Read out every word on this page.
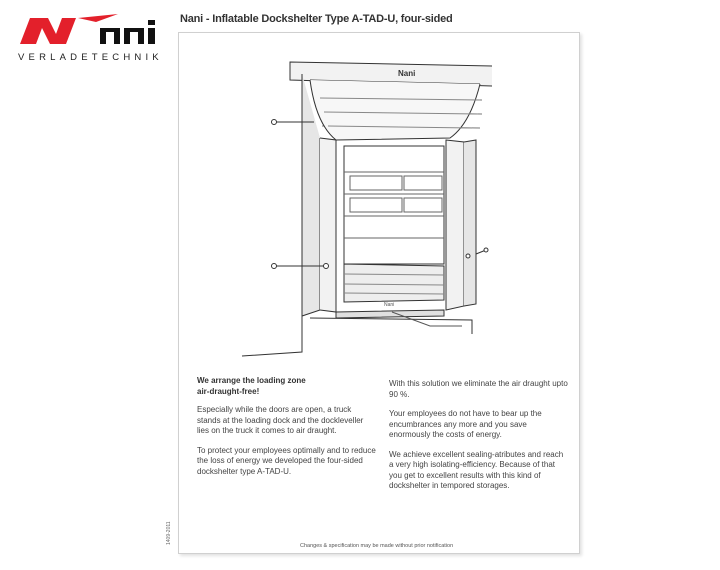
VERLADETECHNIK
Nani - Inflatable Dockshelter Type A-TAD-U, four-sided
Nani
Nani
We arrange the loading zone
air-draught-free!

Especially while the doors are open, a truck stands at the loading dock and the dockleveller lies on the truck it comes to air draught.

To protect your employees optimally and to reduce the loss of energy we developed the four-sided dockshelter type A-TAD-U.

With this solution we eliminate the air draught upto 90 %.

Your employees do not have to bear up the encumbrances any more and you save enormously the costs of energy.

We achieve excellent sealing-atributes and reach a very high isolating-efficiency. Because of that you get to excellent results with this kind of dockshelter in tempored storages.

Changes & specification may be made without prior notification
1409-2011
